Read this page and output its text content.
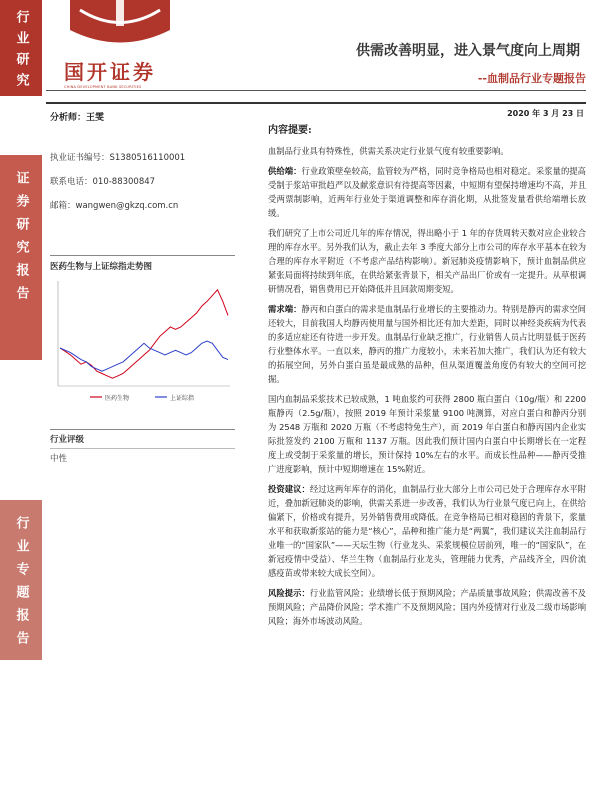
行业研究
证券研究报告
行业专题报告
国开证券
CHINA DEVELOPMENT BANK SECURITIES
供需改善明显，进入景气度向上周期
--血制品行业专题报告
2020 年 3 月 23 日
分析师：王雯
执业证书编号：S1380516110001
联系电话：010-88300847
邮箱：wangwen@gkzq.com.cn
医药生物与上证综指走势图
医药生物	上证综指
行业评级
中性
内容提要:

血制品行业具有特殊性，供需关系决定行业景气度有较重要影响。

供给端：行业政策壁垒较高，监管较为严格，同时竞争格局也相对稳定。采浆量的提高受制于浆站审批趋严以及献浆意识有待提高等因素，中短期有望保持增速均不高，并且受两票制影响，近两年行业处于渠道调整和库存消化期，从批签发量看供给端增长放缓。

我们研究了上市公司近几年的库存情况，得出略小于 1 年的存货周转天数对应企业较合理的库存水平。另外我们认为，截止去年 3 季度大部分上市公司的库存水平基本在较为合理的库存水平附近（不考虑产品结构影响）。新冠肺炎疫情影响下，预计血制品供应紧张局面将持续到年底，在供给紧张背景下，相关产品出厂价或有一定提升。从草根调研情况看，销售费用已开始降低并且回款周期变短。

需求端：静丙和白蛋白的需求是血制品行业增长的主要推动力。特别是静丙的需求空间还较大，目前我国人均静丙使用量与国外相比还有加大差距，同时以神经炎疾病为代表的多适应症还有待进一步开发。血制品行业缺乏推广，行业销售人员占比明显低于医药行业整体水平。一直以来，静丙的推广力度较小，未来若加大推广，我们认为还有较大的拓展空间，另外白蛋白虽是最成熟的品种，但从渠道覆盖角度仍有较大的空间可挖掘。

国内血制品采浆技术已较成熟，1 吨血浆约可获得 2800 瓶白蛋白（10g/瓶）和 2200 瓶静丙（2.5g/瓶），按照 2019 年预计采浆量 9100 吨测算，对应白蛋白和静丙分别为 2548 万瓶和 2020 万瓶（不考虑特免生产），而 2019 年白蛋白和静丙国内企业实际批签发约 2100 万瓶和 1137 万瓶。因此我们预计国内白蛋白中长期增长在一定程度上或受制于采浆量的增长，预计保持 10%左右的水平。而成长性品种——静丙受推广进度影响，预计中短期增速在 15%附近。

投资建议：经过这两年库存的消化，血制品行业大部分上市公司已处于合理库存水平附近，叠加新冠肺炎的影响，供需关系进一步改善，我们认为行业景气度已向上，在供给偏紧下，价格或有提升，另外销售费用或降低。在竞争格局已相对稳固的背景下，浆量水平和获取新浆站的能力是“核心”，品种和推广能力是“两翼”，我们建议关注血制品行业唯一的“国家队”——天坛生物（行业龙头、采浆规模位居前列，唯一的“国家队”，在新冠疫情中受益）、华兰生物（血制品行业龙头，管理能力优秀，产品线齐全，四价流感疫苗或带来较大成长空间）。

风险提示：行业监管风险；业绩增长低于预期风险；产品质量事故风险；供需改善不及预期风险；产品降价风险；学术推广不及预期风险；国内外疫情对行业及二级市场影响风险；海外市场波动风险。
